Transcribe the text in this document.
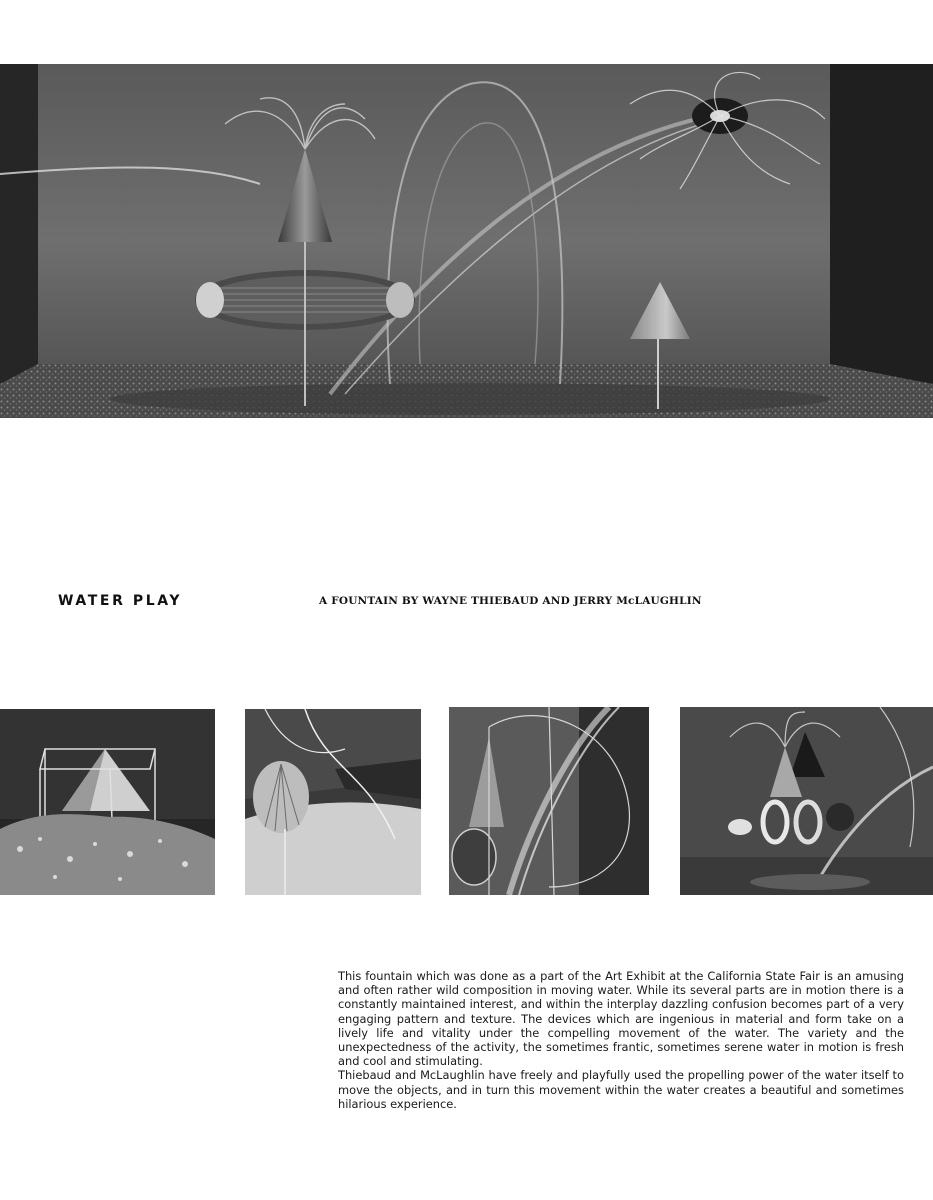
WATER PLAY	A FOUNTAIN BY WAYNE THIEBAUD AND JERRY McLAUGHLIN

This fountain which was done as a part of the Art Exhibit at the California State Fair is an amusing and often rather wild composition in moving water. While its several parts are in motion there is a constantly maintained interest, and within the interplay dazzling confusion becomes part of a very engaging pattern and texture. The devices which are ingenious in material and form take on a lively life and vitality under the compelling movement of the water. The variety and the unexpectedness of the activity, the sometimes frantic, sometimes serene water in motion is fresh and cool and stimulating.

Thiebaud and McLaughlin have freely and playfully used the propelling power of the water itself to move the objects, and in turn this movement within the water creates a beautiful and sometimes hilarious experience.
